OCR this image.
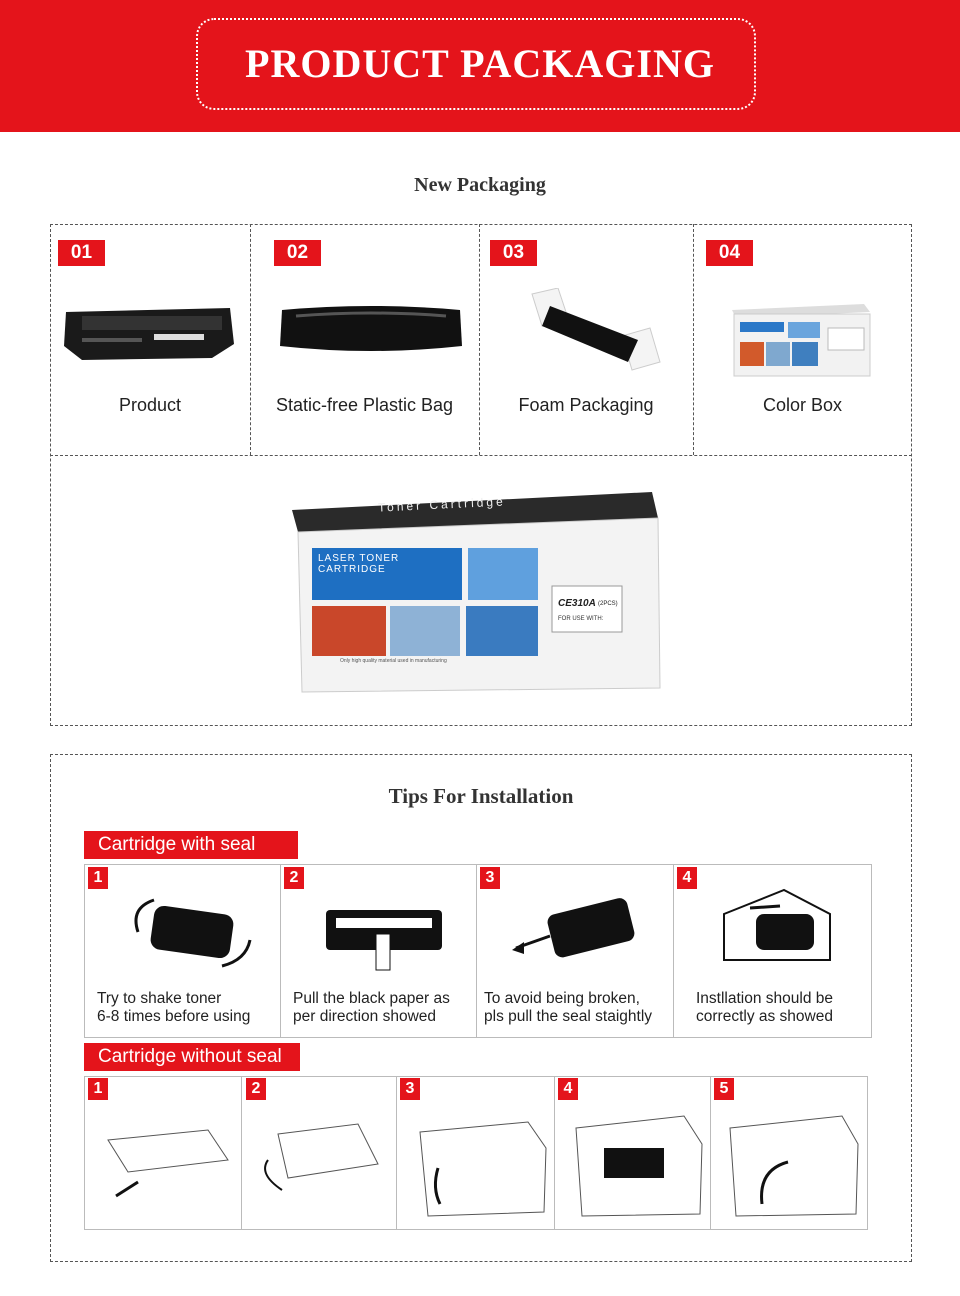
PRODUCT PACKAGING
New Packaging
01
Product
02
Static-free Plastic Bag
03
Foam Packaging
04
Color Box
Toner Cartridge
LASER TONER CARTRIDGE
CE310A (2PCS)
FOR USE WITH:
Only high quality material used in manufacturing
Tips For Installation
Cartridge with seal
1
Try to shake toner
6-8 times before using
2
Pull the black paper as
per direction showed
3
To avoid being broken,
pls pull the seal staightly
4
Instllation should be
correctly as showed
Cartridge without seal
1	2	3	4	5
